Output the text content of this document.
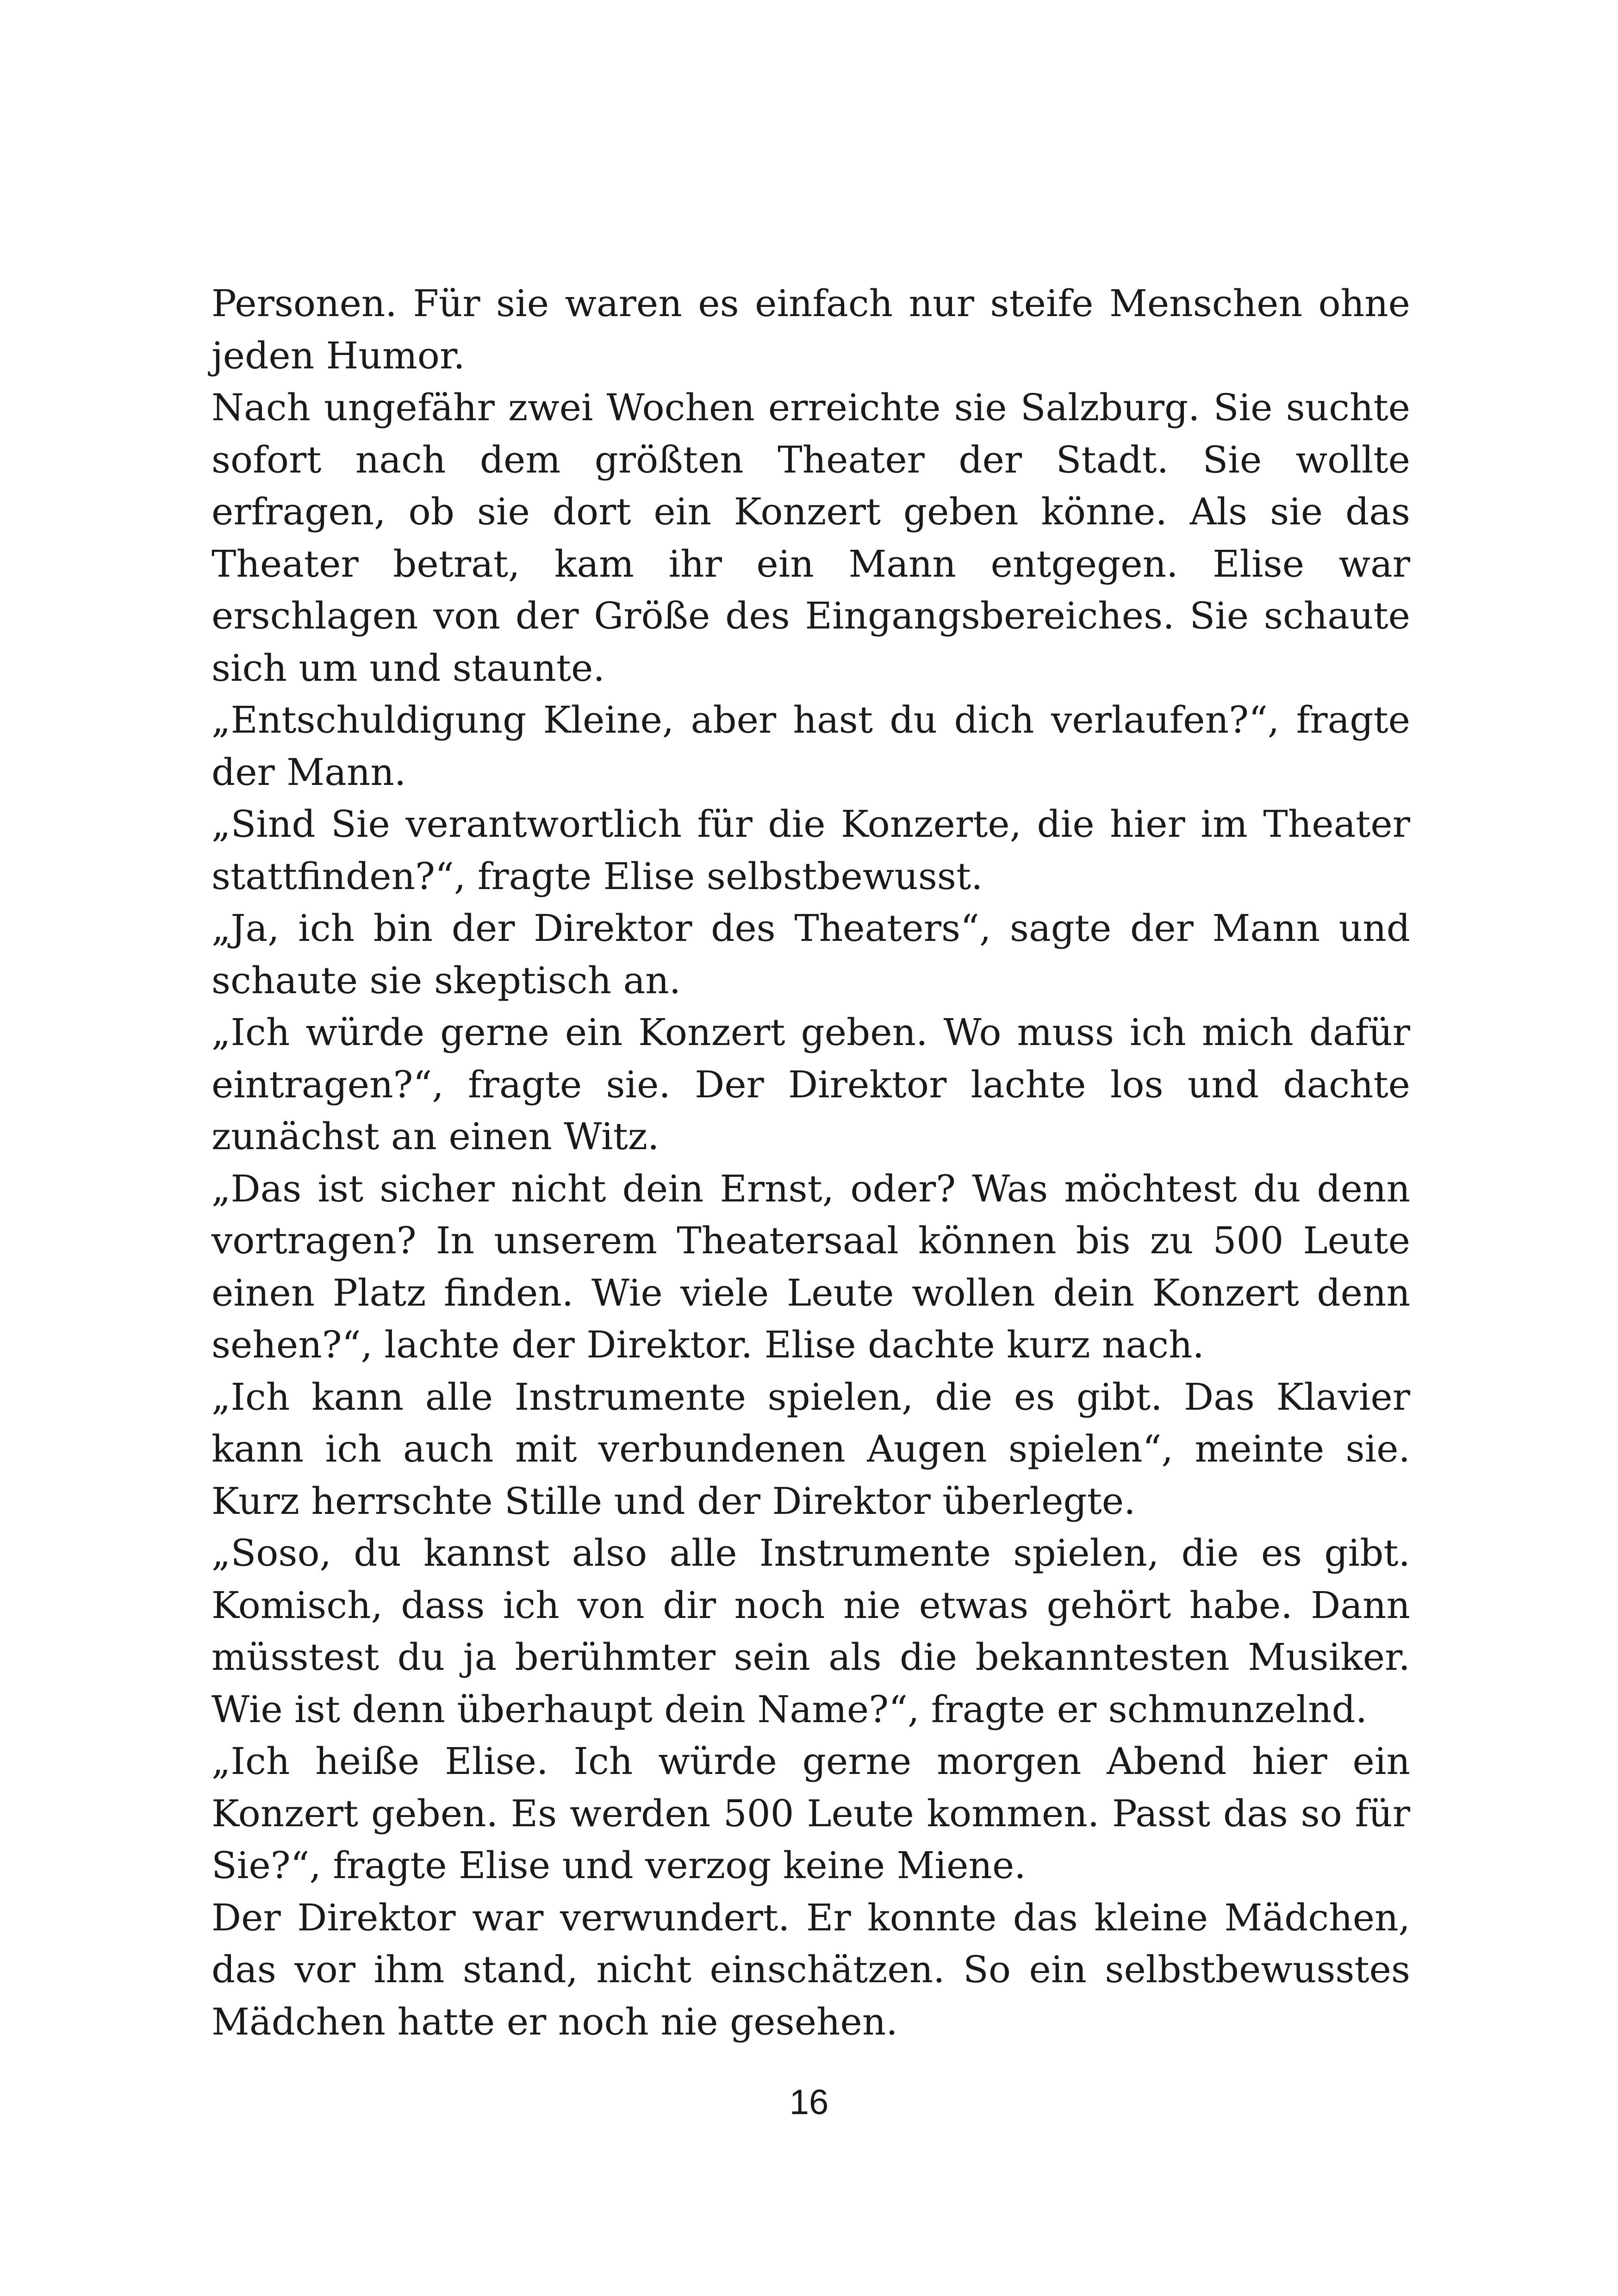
Personen. Für sie waren es einfach nur steife Menschen ohne jeden Humor.

Nach ungefähr zwei Wochen erreichte sie Salzburg. Sie suchte sofort nach dem größten Theater der Stadt. Sie wollte erfragen, ob sie dort ein Konzert geben könne. Als sie das Theater betrat, kam ihr ein Mann entgegen. Elise war erschlagen von der Größe des Eingangsbereiches. Sie schaute sich um und staunte.

„Entschuldigung Kleine, aber hast du dich verlaufen?“, fragte der Mann.

„Sind Sie verantwortlich für die Konzerte, die hier im Theater stattfinden?“, fragte Elise selbstbewusst.

„Ja, ich bin der Direktor des Theaters“, sagte der Mann und schaute sie skeptisch an.

„Ich würde gerne ein Konzert geben. Wo muss ich mich dafür eintragen?“, fragte sie. Der Direktor lachte los und dachte zunächst an einen Witz.

„Das ist sicher nicht dein Ernst, oder? Was möchtest du denn vortragen? In unserem Theatersaal können bis zu 500 Leute einen Platz finden. Wie viele Leute wollen dein Konzert denn sehen?“, lachte der Direktor. Elise dachte kurz nach.

„Ich kann alle Instrumente spielen, die es gibt. Das Klavier kann ich auch mit verbundenen Augen spielen“, meinte sie. Kurz herrschte Stille und der Direktor überlegte.

„Soso, du kannst also alle Instrumente spielen, die es gibt. Komisch, dass ich von dir noch nie etwas gehört habe. Dann müsstest du ja berühmter sein als die bekanntesten Musiker. Wie ist denn überhaupt dein Name?“, fragte er schmunzelnd.

„Ich heiße Elise. Ich würde gerne morgen Abend hier ein Konzert geben. Es werden 500 Leute kommen. Passt das so für Sie?“, fragte Elise und verzog keine Miene.

Der Direktor war verwundert. Er konnte das kleine Mädchen, das vor ihm stand, nicht einschätzen. So ein selbstbewusstes Mädchen hatte er noch nie gesehen.

16
